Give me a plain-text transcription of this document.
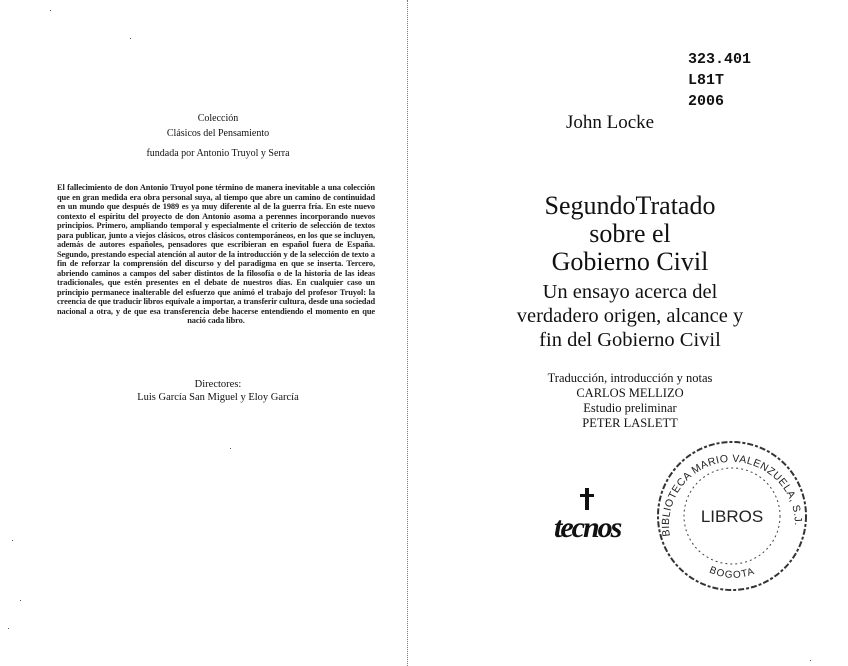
Colección
Clásicos del Pensamiento
fundada por Antonio Truyol y Serra
El fallecimiento de don Antonio Truyol pone término de manera inevitable a una colección que en gran medida era obra personal suya, al tiempo que abre un camino de continuidad en un mundo que después de 1989 es ya muy diferente al de la guerra fría. En este nuevo contexto el espíritu del proyecto de don Antonio asoma a perennes incorporando nuevos principios. Primero, ampliando temporal y especialmente el criterio de selección de textos para publicar, junto a viejos clásicos, otros clásicos contemporáneos, en los que se incluyen, además de autores españoles, pensadores que escribieran en español fuera de España. Segundo, prestando especial atención al autor de la introducción y de la selección de texto a fin de reforzar la comprensión del discurso y del paradigma en que se inserta. Tercero, abriendo caminos a campos del saber distintos de la filosofía o de la historia de las ideas tradicionales, que estén presentes en el debate de nuestros días. En cualquier caso un principio permanece inalterable del esfuerzo que animó el trabajo del profesor Truyol: la creencia de que traducir libros equivale a importar, a transferir cultura, desde una sociedad nacional a otra, y de que esa transferencia debe hacerse entendiendo el momento en que nació cada libro.
Directores:
Luis García San Miguel y Eloy García
323.401
L81T
2006
John Locke
SegundoTratado
sobre el
Gobierno Civil
Un ensayo acerca del
verdadero origen, alcance y
fin del Gobierno Civil
Traducción, introducción y notas
CARLOS MELLIZO
Estudio preliminar
PETER LASLETT
tecnos	BIBLIOTECA MARIO VALENZUELA, S.J.
LIBROS
BOGOTA
